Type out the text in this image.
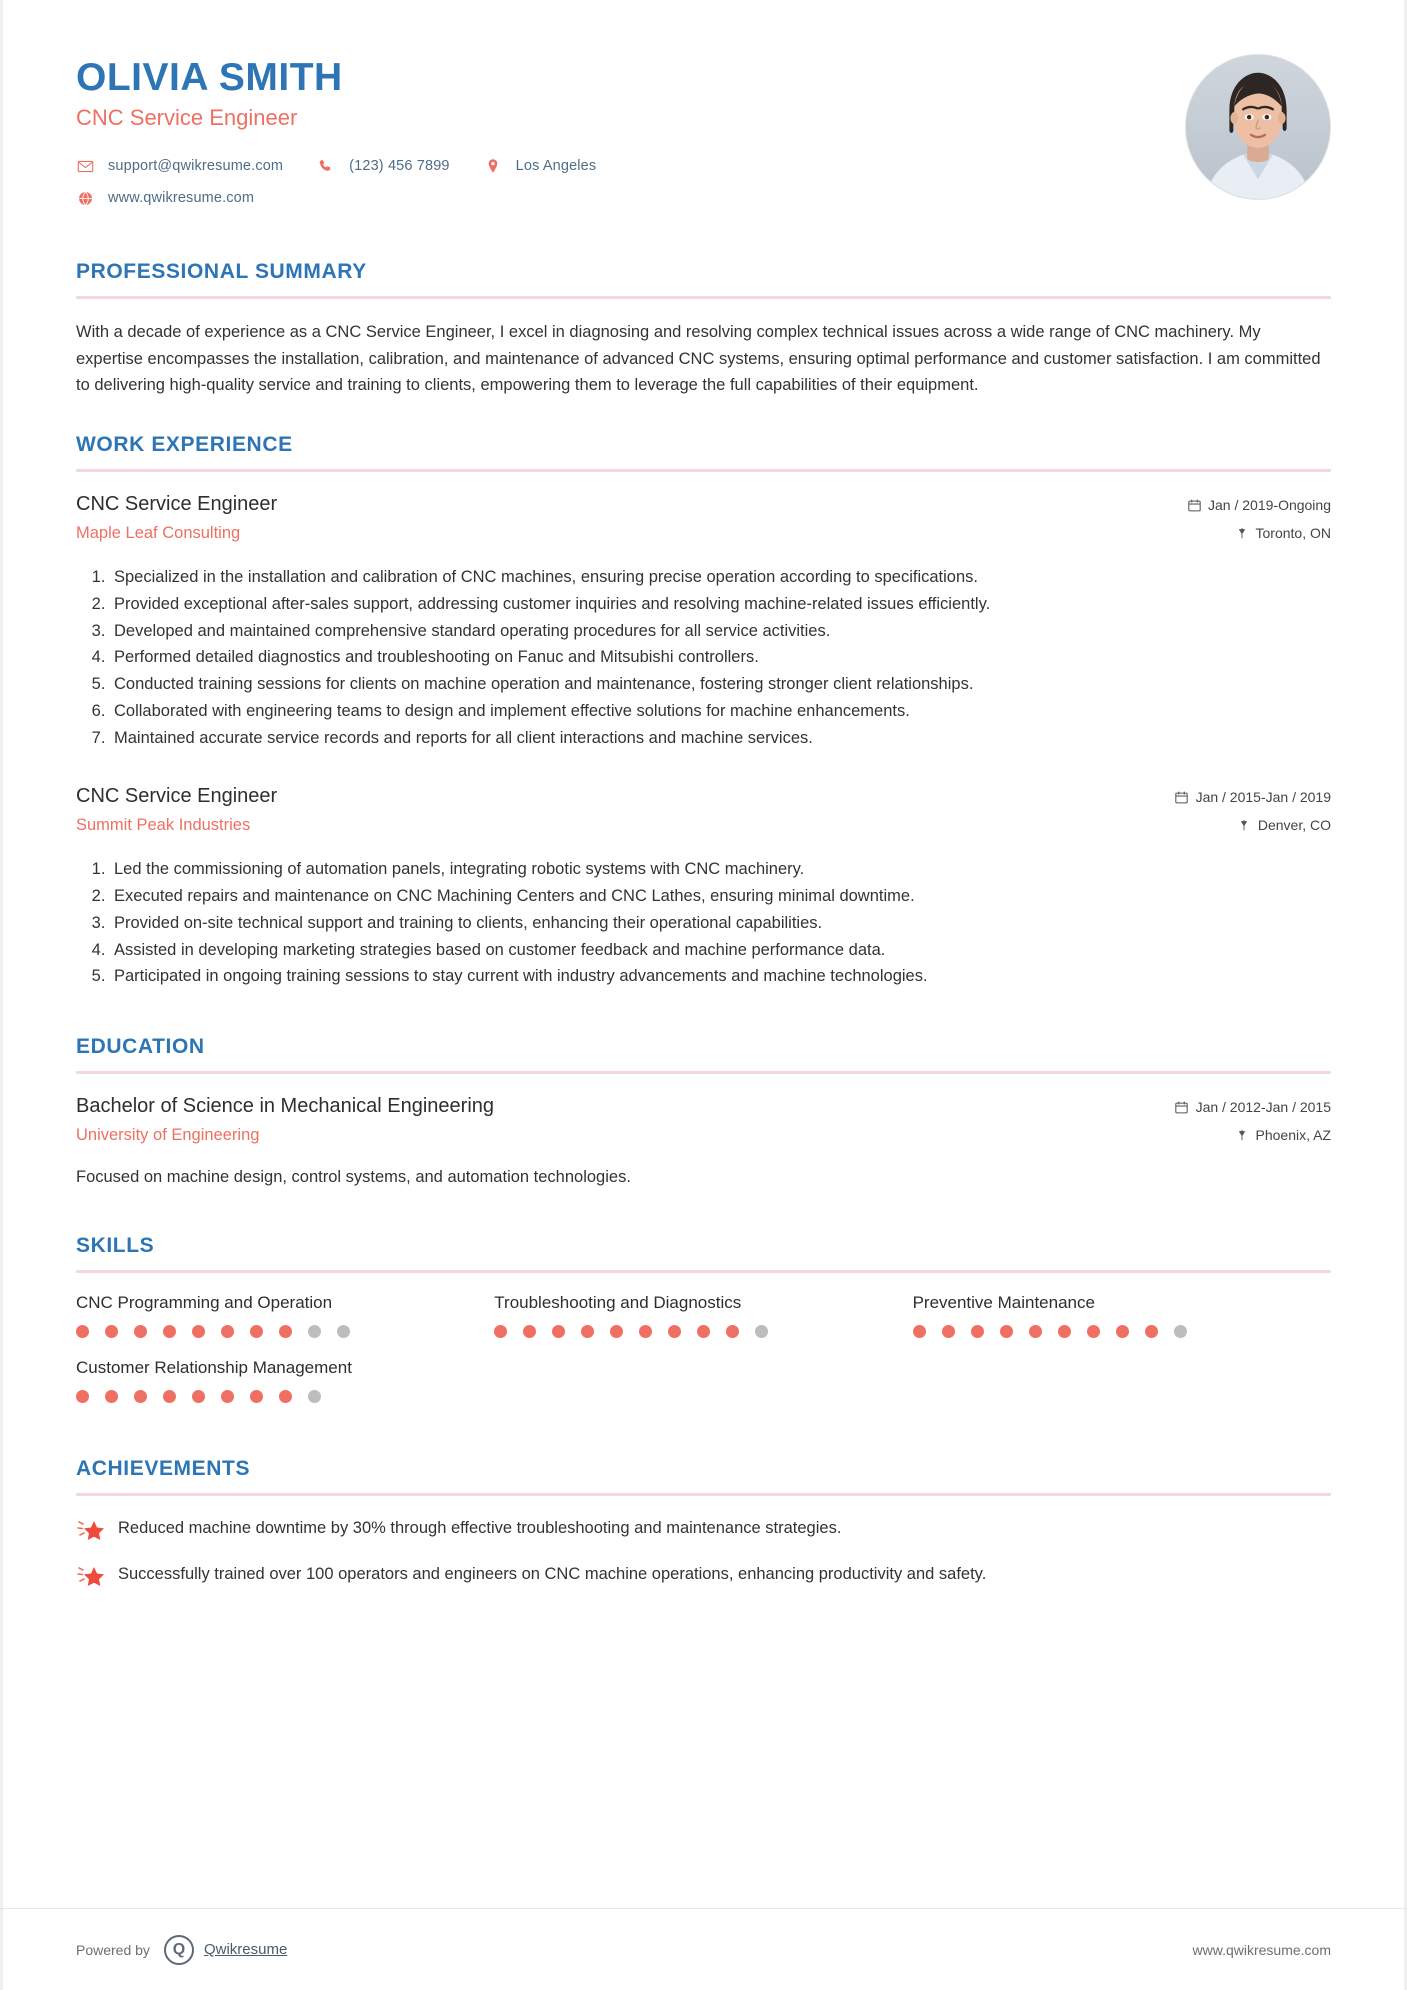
OLIVIA SMITH
CNC Service Engineer
support@qwikresume.com	(123) 456 7899	Los Angeles
www.qwikresume.com
PROFESSIONAL SUMMARY

With a decade of experience as a CNC Service Engineer, I excel in diagnosing and resolving complex technical issues across a wide range of CNC machinery. My expertise encompasses the installation, calibration, and maintenance of advanced CNC systems, ensuring optimal performance and customer satisfaction. I am committed to delivering high-quality service and training to clients, empowering them to leverage the full capabilities of their equipment.

WORK EXPERIENCE
CNC Service Engineer
Maple Leaf Consulting
Jan / 2019-Ongoing
Toronto, ON
1. Specialized in the installation and calibration of CNC machines, ensuring precise operation according to specifications.
2. Provided exceptional after-sales support, addressing customer inquiries and resolving machine-related issues efficiently.
3. Developed and maintained comprehensive standard operating procedures for all service activities.
4. Performed detailed diagnostics and troubleshooting on Fanuc and Mitsubishi controllers.
5. Conducted training sessions for clients on machine operation and maintenance, fostering stronger client relationships.
6. Collaborated with engineering teams to design and implement effective solutions for machine enhancements.
7. Maintained accurate service records and reports for all client interactions and machine services.
CNC Service Engineer
Summit Peak Industries
Jan / 2015-Jan / 2019
Denver, CO
1. Led the commissioning of automation panels, integrating robotic systems with CNC machinery.
2. Executed repairs and maintenance on CNC Machining Centers and CNC Lathes, ensuring minimal downtime.
3. Provided on-site technical support and training to clients, enhancing their operational capabilities.
4. Assisted in developing marketing strategies based on customer feedback and machine performance data.
5. Participated in ongoing training sessions to stay current with industry advancements and machine technologies.
EDUCATION
Bachelor of Science in Mechanical Engineering
University of Engineering
Jan / 2012-Jan / 2015
Phoenix, AZ

Focused on machine design, control systems, and automation technologies.

SKILLS
CNC Programming and Operation	Troubleshooting and Diagnostics	Preventive Maintenance
Customer Relationship Management
ACHIEVEMENTS
Reduced machine downtime by 30% through effective troubleshooting and maintenance strategies.
Successfully trained over 100 operators and engineers on CNC machine operations, enhancing productivity and safety.
Powered by	Q	Qwikresume	www.qwikresume.com
